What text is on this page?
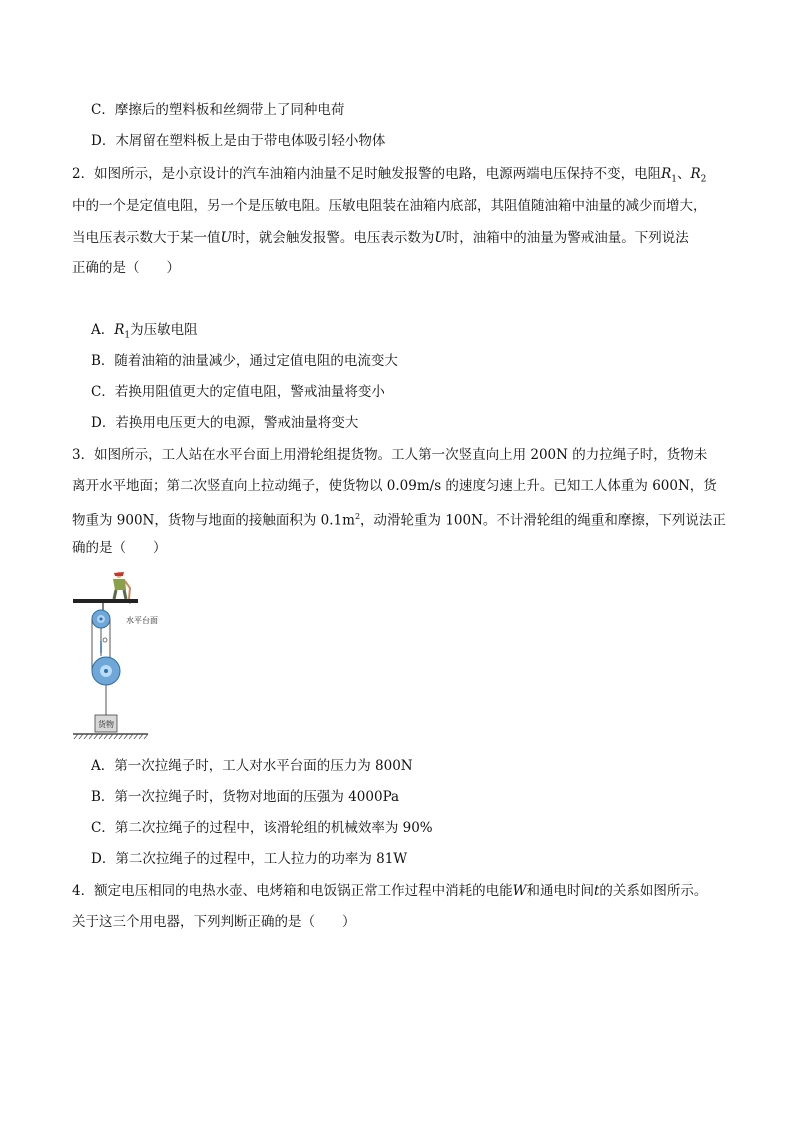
C．摩擦后的塑料板和丝绸带上了同种电荷
D．木屑留在塑料板上是由于带电体吸引轻小物体
2．如图所示，是小京设计的汽车油箱内油量不足时触发报警的电路，电源两端电压保持不变，电阻$R_1$、$R_2$
中的一个是定值电阻，另一个是压敏电阻。压敏电阻装在油箱内底部，其阻值随油箱中油量的减少而增大，
当电压表示数大于某一值U时，就会触发报警。电压表示数为U时，油箱中的油量为警戒油量。下列说法
正确的是（　　）
A．$R_1$为压敏电阻
B．随着油箱的油量减少，通过定值电阻的电流变大
C．若换用阻值更大的定值电阻，警戒油量将变小
D．若换用电压更大的电源，警戒油量将变大
3．如图所示，工人站在水平台面上用滑轮组提货物。工人第一次竖直向上用 200N 的力拉绳子时，货物未
离开水平地面；第二次竖直向上拉动绳子，使货物以 0.09m/s 的速度匀速上升。已知工人体重为 600N，货
物重为 900N，货物与地面的接触面积为 $0.1m^2$，动滑轮重为 100N。不计滑轮组的绳重和摩擦，下列说法正
确的是（　　）
水平台面
货物
A．第一次拉绳子时，工人对水平台面的压力为 800N
B．第一次拉绳子时，货物对地面的压强为 4000Pa
C．第二次拉绳子的过程中，该滑轮组的机械效率为 90%
D．第二次拉绳子的过程中，工人拉力的功率为 81W
4．额定电压相同的电热水壶、电烤箱和电饭锅正常工作过程中消耗的电能W和通电时间t的关系如图所示。
关于这三个用电器，下列判断正确的是（　　）
